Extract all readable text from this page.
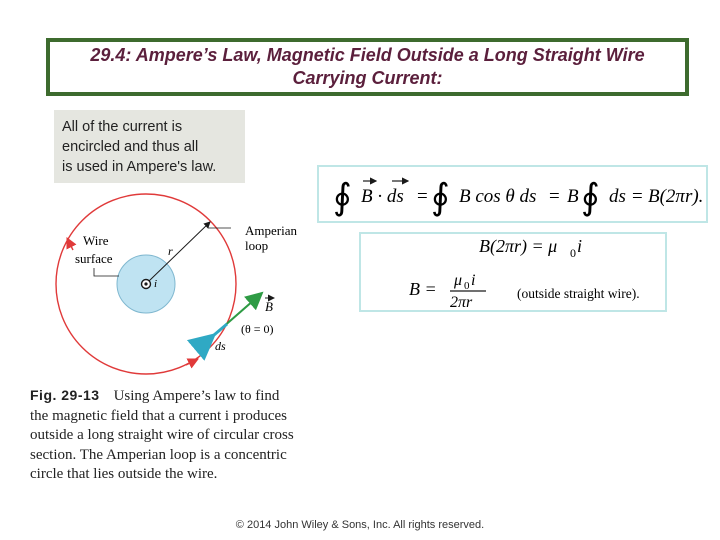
29.4: Ampere’s Law, Magnetic Field Outside a Long Straight Wire
Carrying Current:
All of the current is
encircled and thus all
is used in Ampere's law.
∮ B · ds = ∮ B cos θ ds = B ∮ ds = B(2πr).
B(2πr) = μ 0 i
B = μ 0 i
2πr
(outside straight wire).
Wire
surface
Amperian
loop
r
i
B
(θ = 0)
ds
Fig. 29-13 Using Ampere’s law to find
the magnetic field that a current i produces
outside a long straight wire of circular cross
section. The Amperian loop is a concentric
circle that lies outside the wire.
© 2014 John Wiley & Sons, Inc. All rights reserved.
